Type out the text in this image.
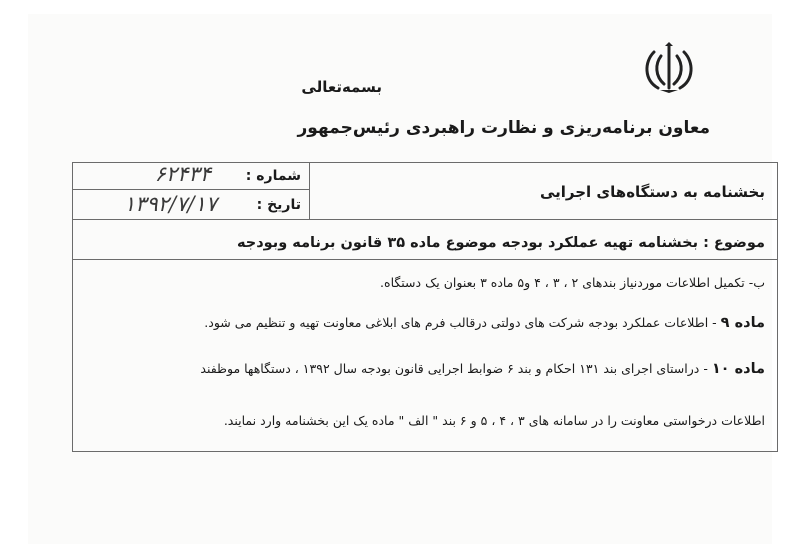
بسمه‌تعالی
معاون برنامه‌ریزی و نظارت راهبردی رئیس‌جمهور
شماره :
۶۲۴۳۴
تاریخ :
۱۳۹۲/۷/۱۷	بخشنامه به دستگاه‌های اجرایی
موضوع : بخشنامه تهیه عملکرد بودجه موضوع ماده ۳۵ قانون برنامه وبودجه
ب- تکمیل اطلاعات موردنیاز بندهای ۲ ، ۳ ، ۴ و۵ ماده ۳ بعنوان یک دستگاه.
ماده ۹ - اطلاعات عملکرد بودجه شرکت های دولتی درقالب فرم های ابلاغی معاونت تهیه و تنظیم می شود.
ماده ۱۰ - دراستای اجرای بند ۱۳۱ احکام و بند ۶ ضوابط اجرایی قانون بودجه سال ۱۳۹۲ ، دستگاهها موظفند
اطلاعات درخواستی معاونت را در سامانه های ۳ ، ۴ ، ۵ و ۶ بند " الف " ماده یک این بخشنامه وارد نمایند.
